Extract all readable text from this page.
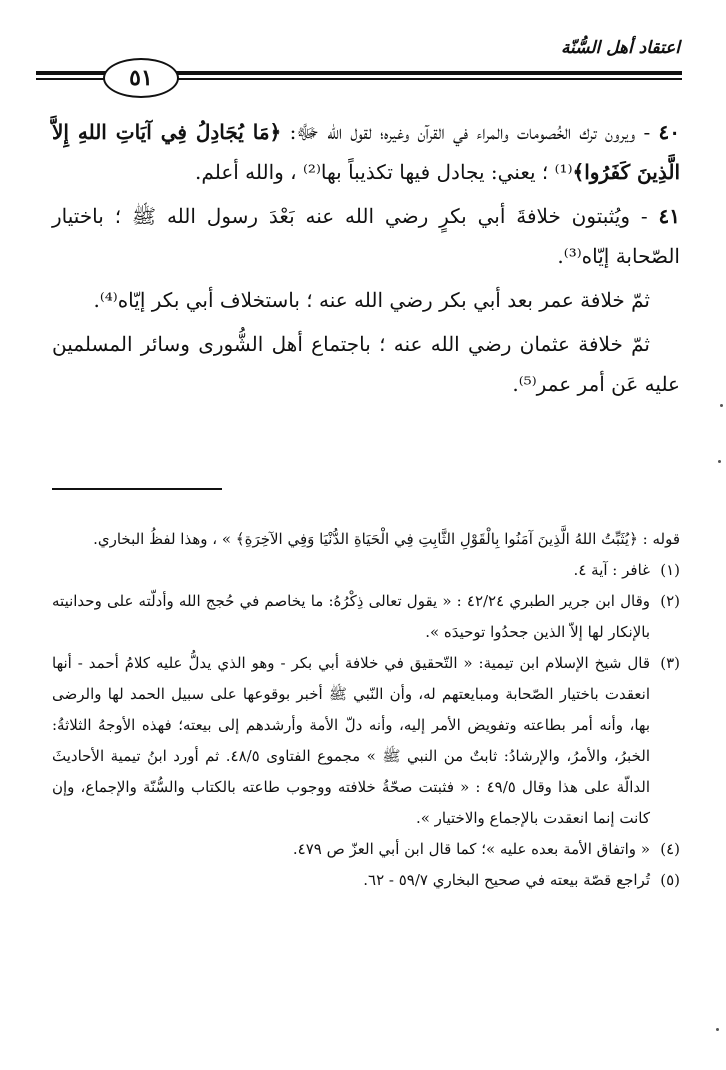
اعتقاد أهل السُّنّة
٥١

٤٠ - ويرون ترك الخُصومات والمراء في القرآن وغيره؛ لقول الله ﷻ: ﴿مَا يُجَادِلُ فِي آيَاتِ اللهِ إِلاَّ الَّذِينَ كَفَرُوا﴾⁽¹⁾ ؛ يعني: يجادل فيها تكذيباً بها⁽²⁾ ، والله أعلم.

٤١ - ويُثبتون خلافةَ أبي بكرٍ رضي الله عنه بَعْدَ رسول الله ﷺ ؛ باختيار الصّحابة إيّاه⁽³⁾.

ثمّ خلافة عمر بعد أبي بكر رضي الله عنه ؛ باستخلاف أبي بكر إيّاه⁽⁴⁾.

ثمّ خلافة عثمان رضي الله عنه ؛ باجتماع أهل الشُّورى وسائر المسلمين عليه عَن أمر عمر⁽⁵⁾.

قوله : ﴿يُثَبِّتُ اللهُ الَّذِينَ آمَنُوا بِالْقَوْلِ الثَّابِتِ فِي الْحَيَاةِ الدُّنْيَا وَفِي الآخِرَةِ﴾ » ، وهذا لفظُ البخاري.

(١)
غافر : آية ٤.

(٢)
وقال ابن جرير الطبري ٤٢/٢٤ : « يقول تعالى ذِكْرُهُ: ما يخاصم في حُجج الله وأدلّته على وحدانيته بالإنكار لها إلاّ الذين جحدُوا توحيدَه ».

(٣)
قال شيخ الإسلام ابن تيمية: « التّحقيق في خلافة أبي بكر - وهو الذي يدلُّ عليه كلامُ أحمد - أنها انعقدت باختيار الصّحابة ومبايعتهم له، وأن النّبي ﷺ أخبر بوقوعها على سبيل الحمد لها والرضى بها، وأنه أمر بطاعته وتفويض الأمر إليه، وأنه دلّ الأمة وأرشدهم إلى بيعته؛ فهذه الأوجهُ الثلاثةُ: الخبرُ، والأمرُ، والإرشادُ: ثابتٌ من النبي ﷺ » مجموع الفتاوى ٤٨/٥. ثم أورد ابنُ تيمية الأحاديثَ الدالّة على هذا وقال ٤٩/٥ : « فثبتت صحّةُ خلافته ووجوب طاعته بالكتاب والسُّنّة والإجماع، وإن كانت إنما انعقدت بالإجماع والاختيار ».

(٤)
« واتفاق الأمة بعده عليه »؛ كما قال ابن أبي العزّ ص ٤٧٩.

(٥)
تُراجع قصّة بيعته في صحيح البخاري ٥٩/٧ - ٦٢.
